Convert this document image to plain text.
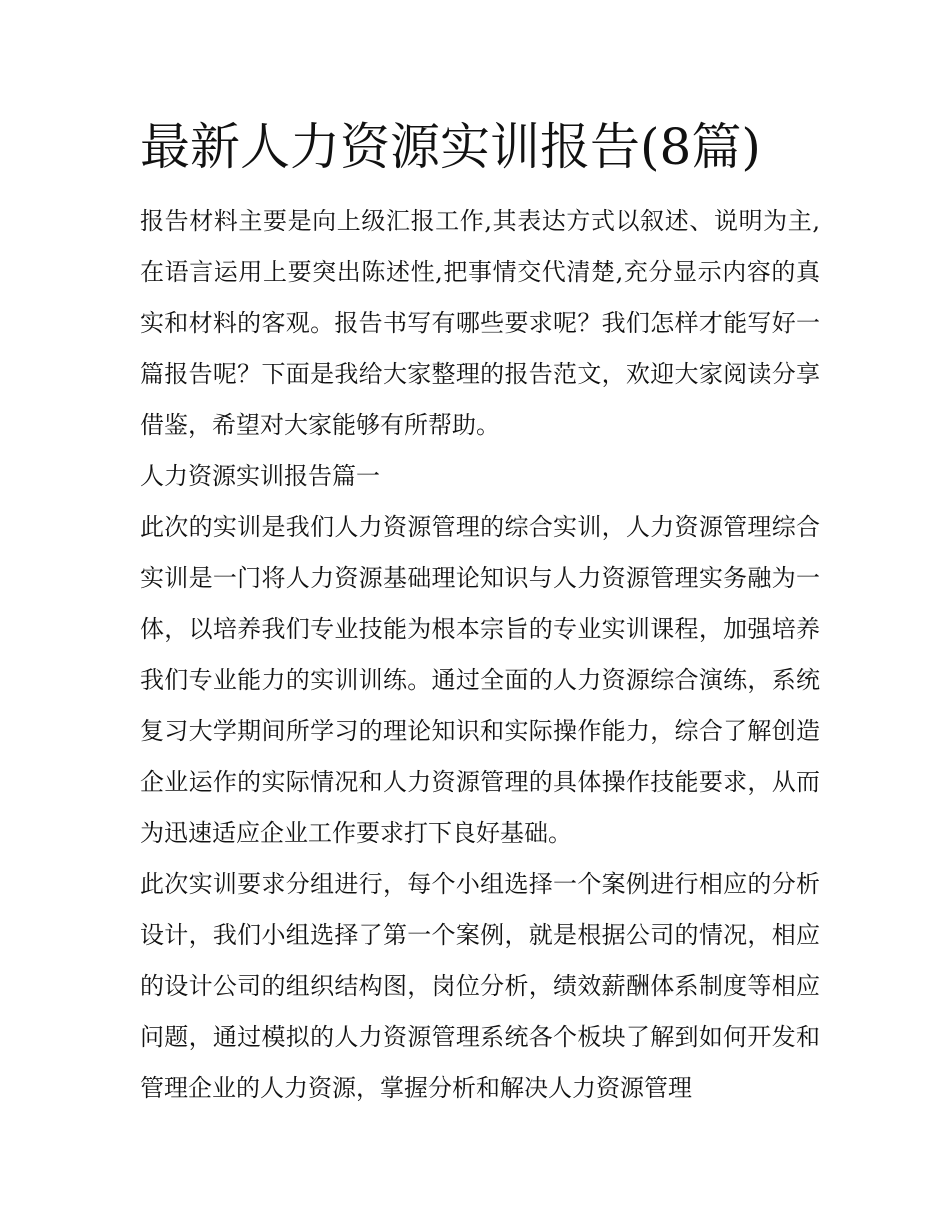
最新人力资源实训报告(8篇)

报告材料主要是向上级汇报工作,其表达方式以叙述、说明为主,在语言运用上要突出陈述性,把事情交代清楚,充分显示内容的真实和材料的客观。报告书写有哪些要求呢？我们怎样才能写好一篇报告呢？下面是我给大家整理的报告范文，欢迎大家阅读分享借鉴，希望对大家能够有所帮助。

人力资源实训报告篇一

此次的实训是我们人力资源管理的综合实训，人力资源管理综合实训是一门将人力资源基础理论知识与人力资源管理实务融为一体，以培养我们专业技能为根本宗旨的专业实训课程，加强培养我们专业能力的实训训练。通过全面的人力资源综合演练，系统复习大学期间所学习的理论知识和实际操作能力，综合了解创造企业运作的实际情况和人力资源管理的具体操作技能要求，从而为迅速适应企业工作要求打下良好基础。

此次实训要求分组进行，每个小组选择一个案例进行相应的分析设计，我们小组选择了第一个案例，就是根据公司的情况，相应的设计公司的组织结构图，岗位分析，绩效薪酬体系制度等相应问题，通过模拟的人力资源管理系统各个板块了解到如何开发和管理企业的人力资源，掌握分析和解决人力资源管理
